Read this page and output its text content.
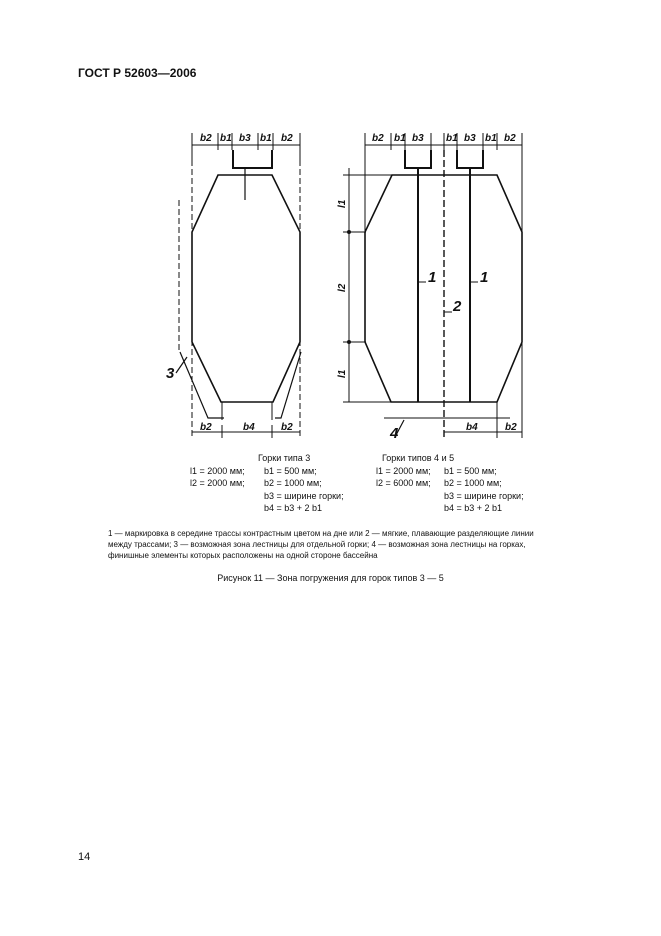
ГОСТ Р 52603—2006
b2 b1 b3 b1 b2
b2	b4	b2
3
b2 b1 b3 b1 b3 b1 b2
b4	b2
l1
l2
l1
1	1
2
4
Горки типа 3
l1 = 2000 мм; b1 = 500 мм;
l2 = 2000 мм; b2 = 1000 мм;
b3 = ширине горки;
b4 = b3 + 2 b1
Горки типов 4 и 5
l1 = 2000 мм; b1 = 500 мм;
l2 = 6000 мм; b2 = 1000 мм;
b3 = ширине горки;
b4 = b3 + 2 b1
1 — маркировка в середине трассы контрастным цветом на дне или 2 — мягкие, плавающие разделяющие линии между трассами; 3 — возможная зона лестницы для отдельной горки; 4 — возможная зона лестницы на горках, финишные элементы которых расположены на одной стороне бассейна
Рисунок 11 — Зона погружения для горок типов 3 — 5
14
